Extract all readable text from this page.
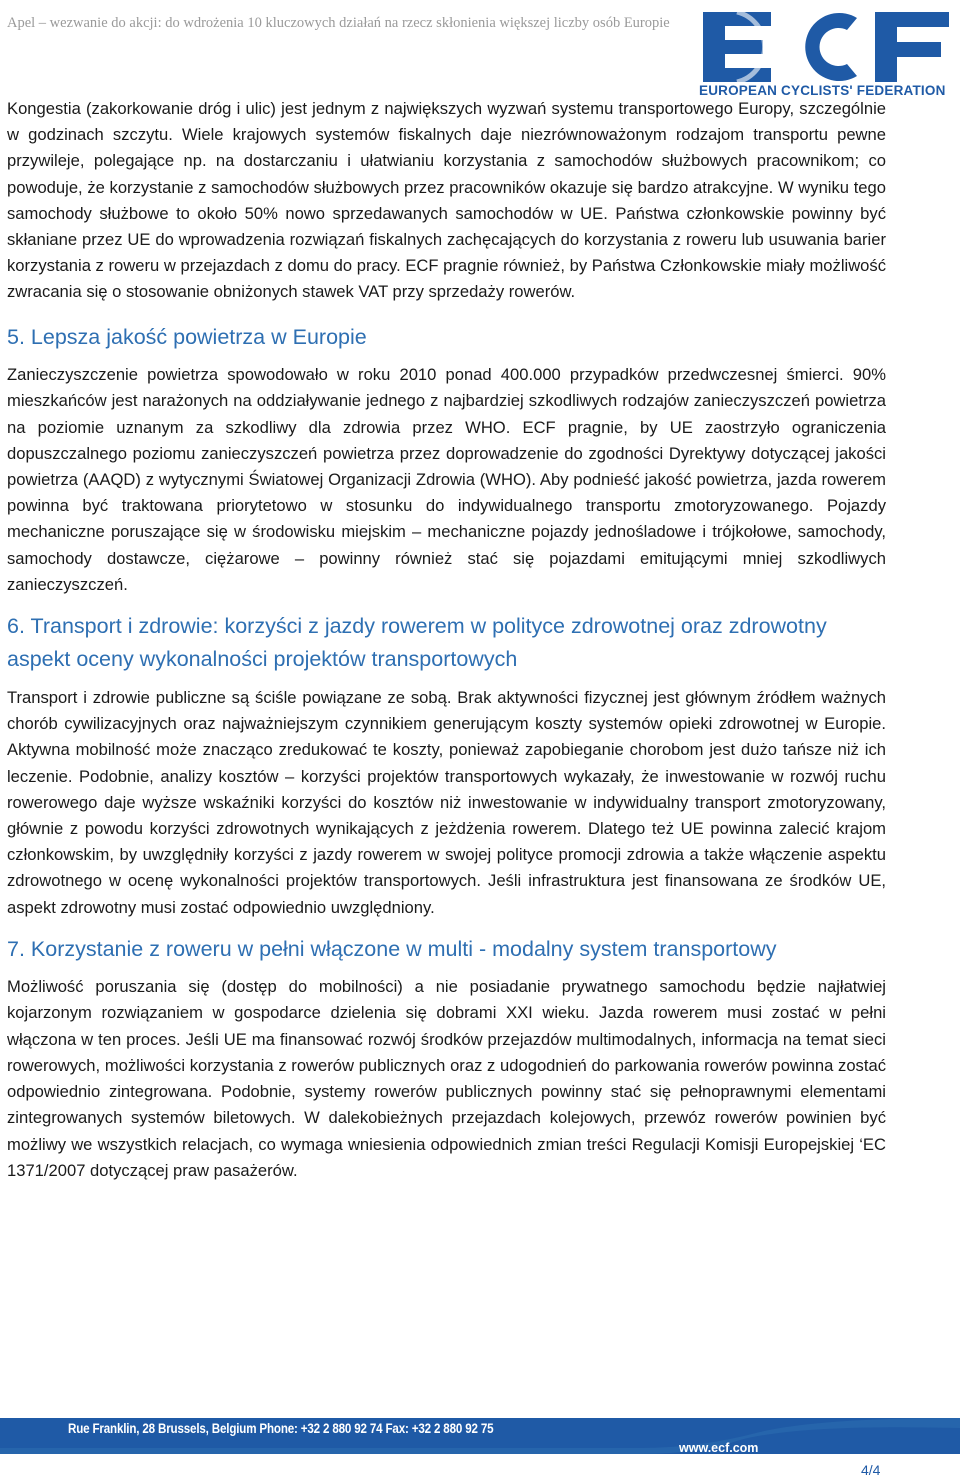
Apel – wezwanie do akcji: do wdrożenia 10 kluczowych działań na rzecz skłonienia większej liczby osób Europie
EUROPEAN CYCLISTS' FEDERATION

Kongestia (zakorkowanie dróg i ulic) jest jednym z największych wyzwań systemu transportowego Europy, szczególnie w godzinach szczytu. Wiele krajowych systemów fiskalnych daje niezrównoważonym rodzajom transportu pewne przywileje, polegające np. na dostarczaniu i ułatwianiu korzystania z samochodów służbowych pracownikom; co powoduje, że korzystanie z samochodów służbowych przez pracowników okazuje się bardzo atrakcyjne. W wyniku tego samochody służbowe to około 50% nowo sprzedawanych samochodów w UE. Państwa członkowskie powinny być skłaniane przez UE do wprowadzenia rozwiązań fiskalnych zachęcających do korzystania z roweru lub usuwania barier korzystania z roweru w przejazdach z domu do pracy. ECF pragnie również, by Państwa Członkowskie miały możliwość zwracania się o stosowanie obniżonych stawek VAT przy sprzedaży rowerów.

5. Lepsza jakość powietrza w Europie

Zanieczyszczenie powietrza spowodowało w roku 2010 ponad 400.000 przypadków przedwczesnej śmierci. 90% mieszkańców jest narażonych na oddziaływanie jednego z najbardziej szkodliwych rodzajów zanieczyszczeń powietrza na poziomie uznanym za szkodliwy dla zdrowia przez WHO. ECF pragnie, by UE zaostrzyło ograniczenia dopuszczalnego poziomu zanieczyszczeń powietrza przez doprowadzenie do zgodności Dyrektywy dotyczącej jakości powietrza (AAQD) z wytycznymi Światowej Organizacji Zdrowia (WHO). Aby podnieść jakość powietrza, jazda rowerem powinna być traktowana priorytetowo w stosunku do indywidualnego transportu zmotoryzowanego. Pojazdy mechaniczne poruszające się w środowisku miejskim – mechaniczne pojazdy jednośladowe i trójkołowe, samochody, samochody dostawcze, ciężarowe – powinny również stać się pojazdami emitującymi mniej szkodliwych zanieczyszczeń.

6. Transport i zdrowie: korzyści z jazdy rowerem w polityce zdrowotnej oraz zdrowotny aspekt oceny wykonalności projektów transportowych

Transport i zdrowie publiczne są ściśle powiązane ze sobą. Brak aktywności fizycznej jest głównym źródłem ważnych chorób cywilizacyjnych oraz najważniejszym czynnikiem generującym koszty systemów opieki zdrowotnej w Europie. Aktywna mobilność może znacząco zredukować te koszty, ponieważ zapobieganie chorobom jest dużo tańsze niż ich leczenie. Podobnie, analizy kosztów – korzyści projektów transportowych wykazały, że inwestowanie w rozwój ruchu rowerowego daje wyższe wskaźniki korzyści do kosztów niż inwestowanie w indywidualny transport zmotoryzowany, głównie z powodu korzyści zdrowotnych wynikających z jeżdżenia rowerem. Dlatego też UE powinna zalecić krajom członkowskim, by uwzględniły korzyści z jazdy rowerem w swojej polityce promocji zdrowia a także włączenie aspektu zdrowotnego w ocenę wykonalności projektów transportowych. Jeśli infrastruktura jest finansowana ze środków UE, aspekt zdrowotny musi zostać odpowiednio uwzględniony.

7. Korzystanie z roweru w pełni włączone w multi - modalny system transportowy

Możliwość poruszania się (dostęp do mobilności) a nie posiadanie prywatnego samochodu będzie najłatwiej kojarzonym rozwiązaniem w gospodarce dzielenia się dobrami XXI wieku. Jazda rowerem musi zostać w pełni włączona w ten proces. Jeśli UE ma finansować rozwój środków przejazdów multimodalnych, informacja na temat sieci rowerowych, możliwości korzystania z rowerów publicznych oraz z udogodnień do parkowania rowerów powinna zostać odpowiednio zintegrowana. Podobnie, systemy rowerów publicznych powinny stać się pełnoprawnymi elementami zintegrowanych systemów biletowych. W dalekobieżnych przejazdach kolejowych, przewóz rowerów powinien być możliwy we wszystkich relacjach, co wymaga wniesienia odpowiednich zmian treści Regulacji Komisji Europejskiej ‘EC 1371/2007 dotyczącej praw pasażerów.

Rue Franklin, 28 Brussels, Belgium Phone: +32 2 880 92 74 Fax: +32 2 880 92 75
www.ecf.com
4/4
